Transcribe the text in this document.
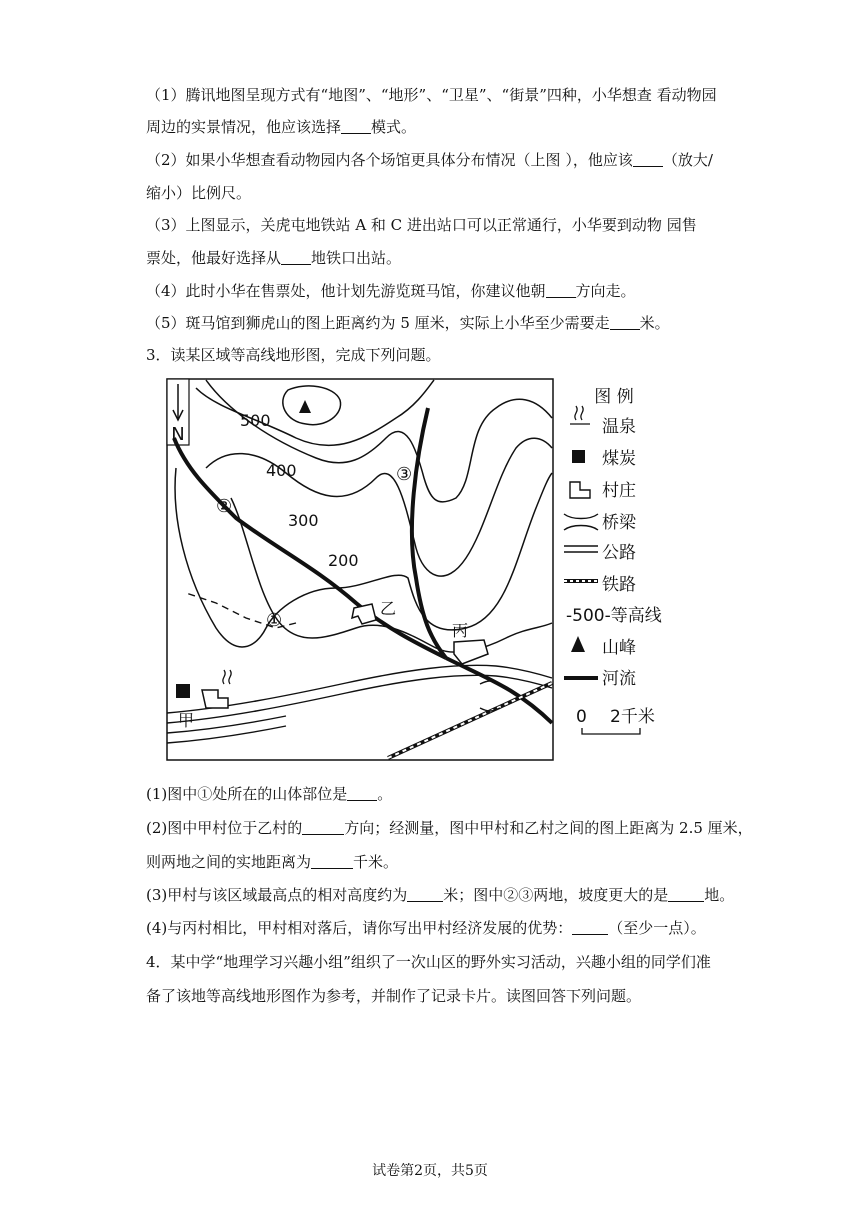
（1）腾讯地图呈现方式有“地图”、“地形”、“卫星”、“街景”四种，小华想查 看动物园
周边的实景情况，他应该选择 模式。
（2）如果小华想查看动物园内各个场馆更具体分布情况（上图 ），他应该 （放大/
缩小）比例尺。
（3）上图显示，关虎屯地铁站 A 和 C 进出站口可以正常通行，小华要到动物 园售
票处，他最好选择从 地铁口出站。
（4）此时小华在售票处，他计划先游览斑马馆，你建议他朝 方向走。
（5）斑马馆到狮虎山的图上距离约为 5 厘米，实际上小华至少需要走 米。
3．读某区域等高线地形图，完成下列问题。
N
500
400
300
200
乙
丙
甲
①
②
③
图 例
温泉
煤炭
村庄
桥梁
公路
铁路
-500-等高线
山峰
河流
0 2千米
(1)图中①处所在的山体部位是 。
(2)图中甲村位于乙村的	方向；经测量，图中甲村和乙村之间的图上距离为 2.5 厘米，
则两地之间的实地距离为	千米。
(3)甲村与该区域最高点的相对高度约为 米；图中②③两地，坡度更大的是 地。
(4)与丙村相比，甲村相对落后，请你写出甲村经济发展的优势： （至少一点）。
4．某中学“地理学习兴趣小组”组织了一次山区的野外实习活动，兴趣小组的同学们准
备了该地等高线地形图作为参考，并制作了记录卡片。读图回答下列问题。
试卷第2页，共5页
